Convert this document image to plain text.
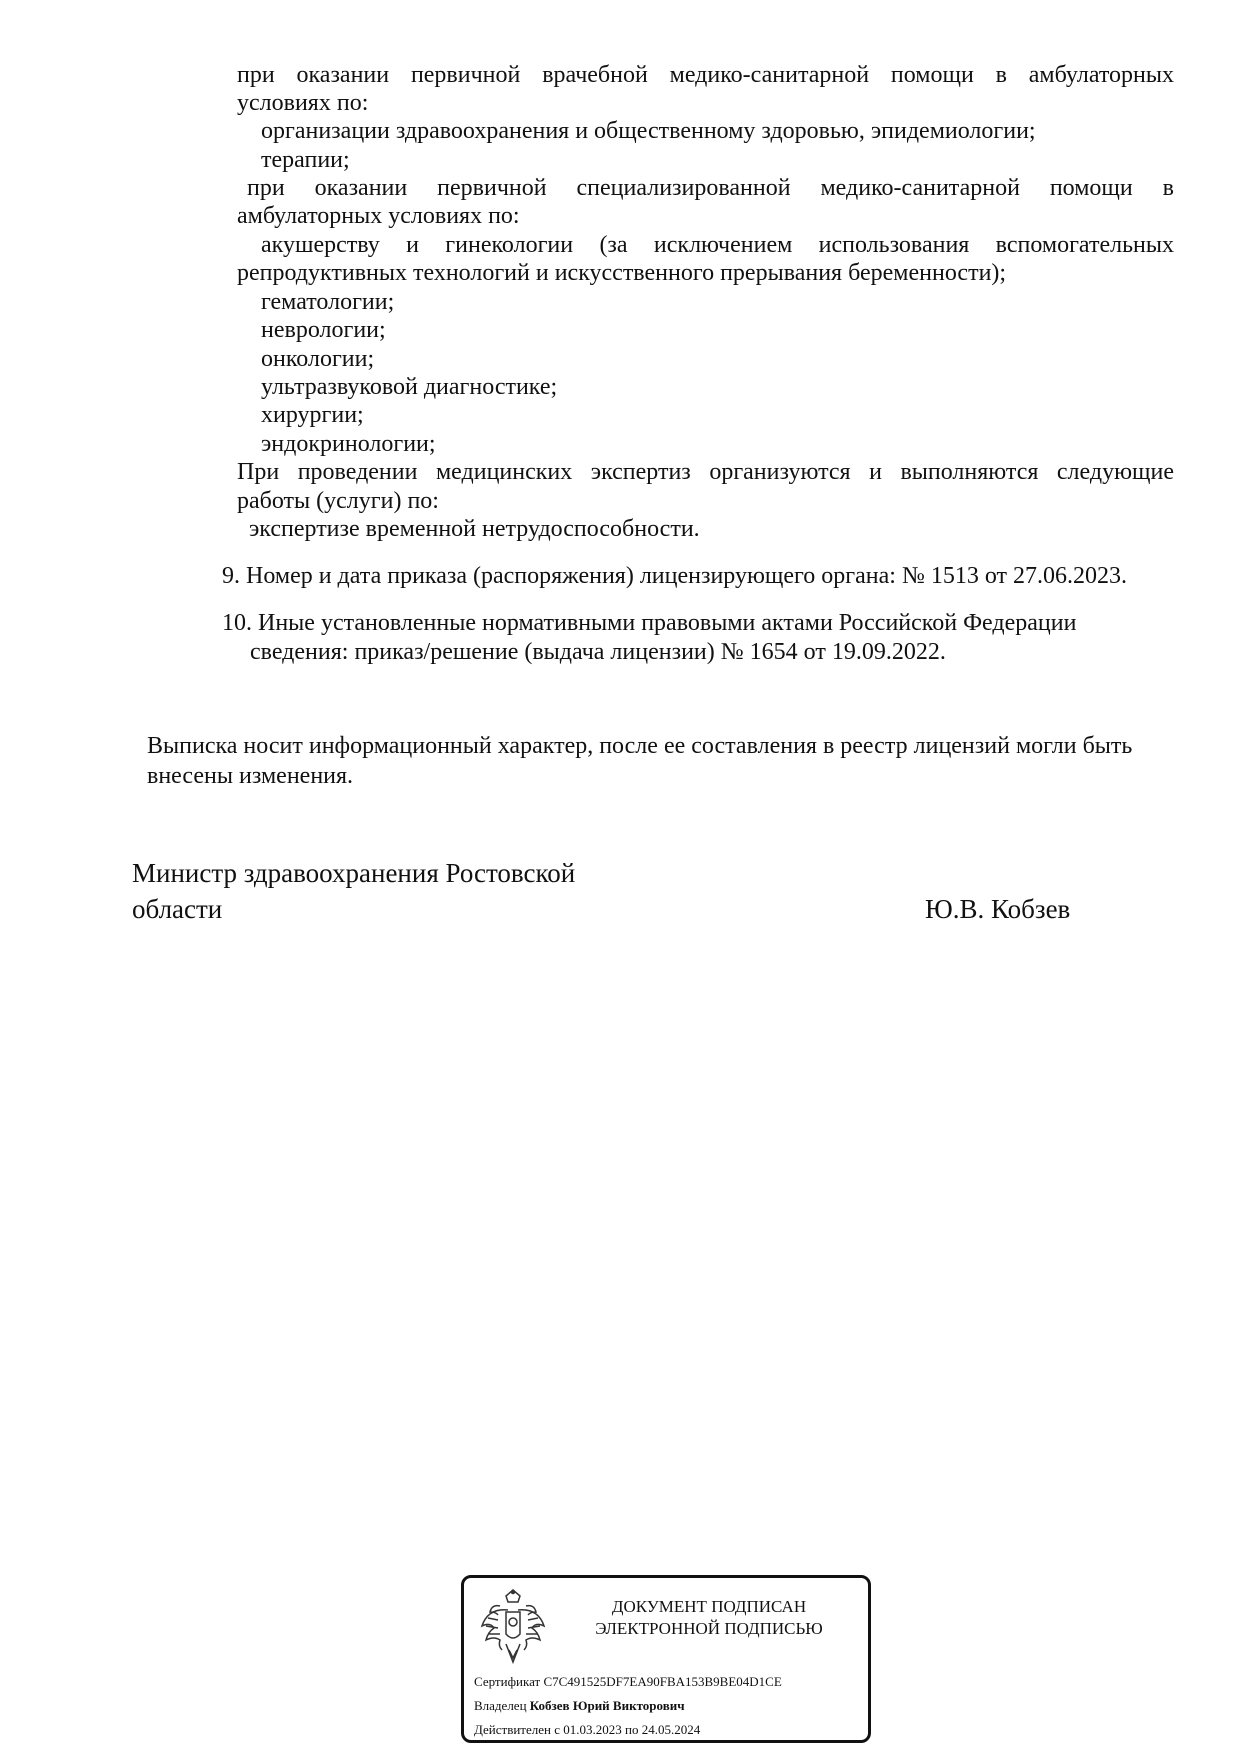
при оказании первичной врачебной медико-санитарной помощи в амбулаторных
условиях по:
организации здравоохранения и общественному здоровью, эпидемиологии;
терапии;
при оказании первичной специализированной медико-санитарной помощи в
амбулаторных условиях по:
акушерству и гинекологии (за исключением использования вспомогательных
репродуктивных технологий и искусственного прерывания беременности);
гематологии;
неврологии;
онкологии;
ультразвуковой диагностике;
хирургии;
эндокринологии;
При проведении медицинских экспертиз организуются и выполняются следующие
работы (услуги) по:
экспертизе временной нетрудоспособности.
9. Номер и дата приказа (распоряжения) лицензирующего органа: № 1513 от 27.06.2023.
10. Иные установленные нормативными правовыми актами Российской Федерации
сведения: приказ/решение (выдача лицензии) № 1654 от 19.09.2022.
Выписка носит информационный характер, после ее составления в реестр лицензий могли быть
внесены изменения.
Министр здравоохранения Ростовской
области	Ю.В. Кобзев
ДОКУМЕНТ ПОДПИСАН
ЭЛЕКТРОННОЙ ПОДПИСЬЮ
Сертификат C7C491525DF7EA90FBA153B9BE04D1CE
Владелец Кобзев Юрий Викторович
Действителен с 01.03.2023 по 24.05.2024
